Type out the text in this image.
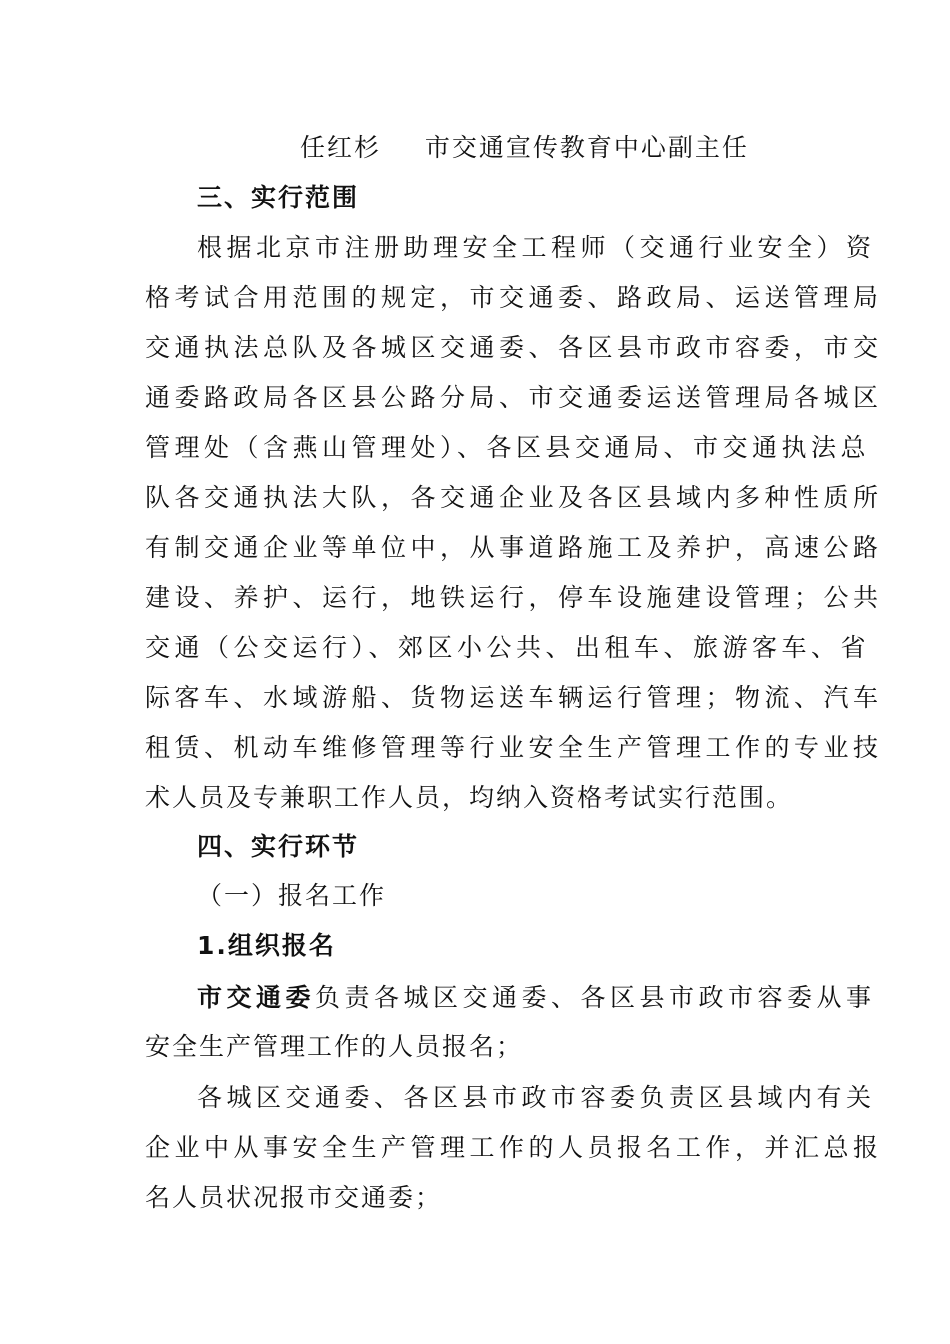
任红杉 市交通宣传教育中心副主任
三、实行范围
根据北京市注册助理安全工程师（交通行业安全）资
格考试合用范围的规定，市交通委、路政局、运送管理局
交通执法总队及各城区交通委、各区县市政市容委，市交
通委路政局各区县公路分局、市交通委运送管理局各城区
管理处（含燕山管理处）、各区县交通局、市交通执法总
队各交通执法大队，各交通企业及各区县域内多种性质所
有制交通企业等单位中，从事道路施工及养护，高速公路
建设、养护、运行，地铁运行，停车设施建设管理；公共
交通（公交运行）、郊区小公共、出租车、旅游客车、省
际客车、水域游船、货物运送车辆运行管理；物流、汽车
租赁、机动车维修管理等行业安全生产管理工作的专业技
术人员及专兼职工作人员，均纳入资格考试实行范围。
四、实行环节
（一）报名工作
1.组织报名
市交通委负责各城区交通委、各区县市政市容委从事
安全生产管理工作的人员报名；
各城区交通委、各区县市政市容委负责区县域内有关
企业中从事安全生产管理工作的人员报名工作，并汇总报
名人员状况报市交通委；
